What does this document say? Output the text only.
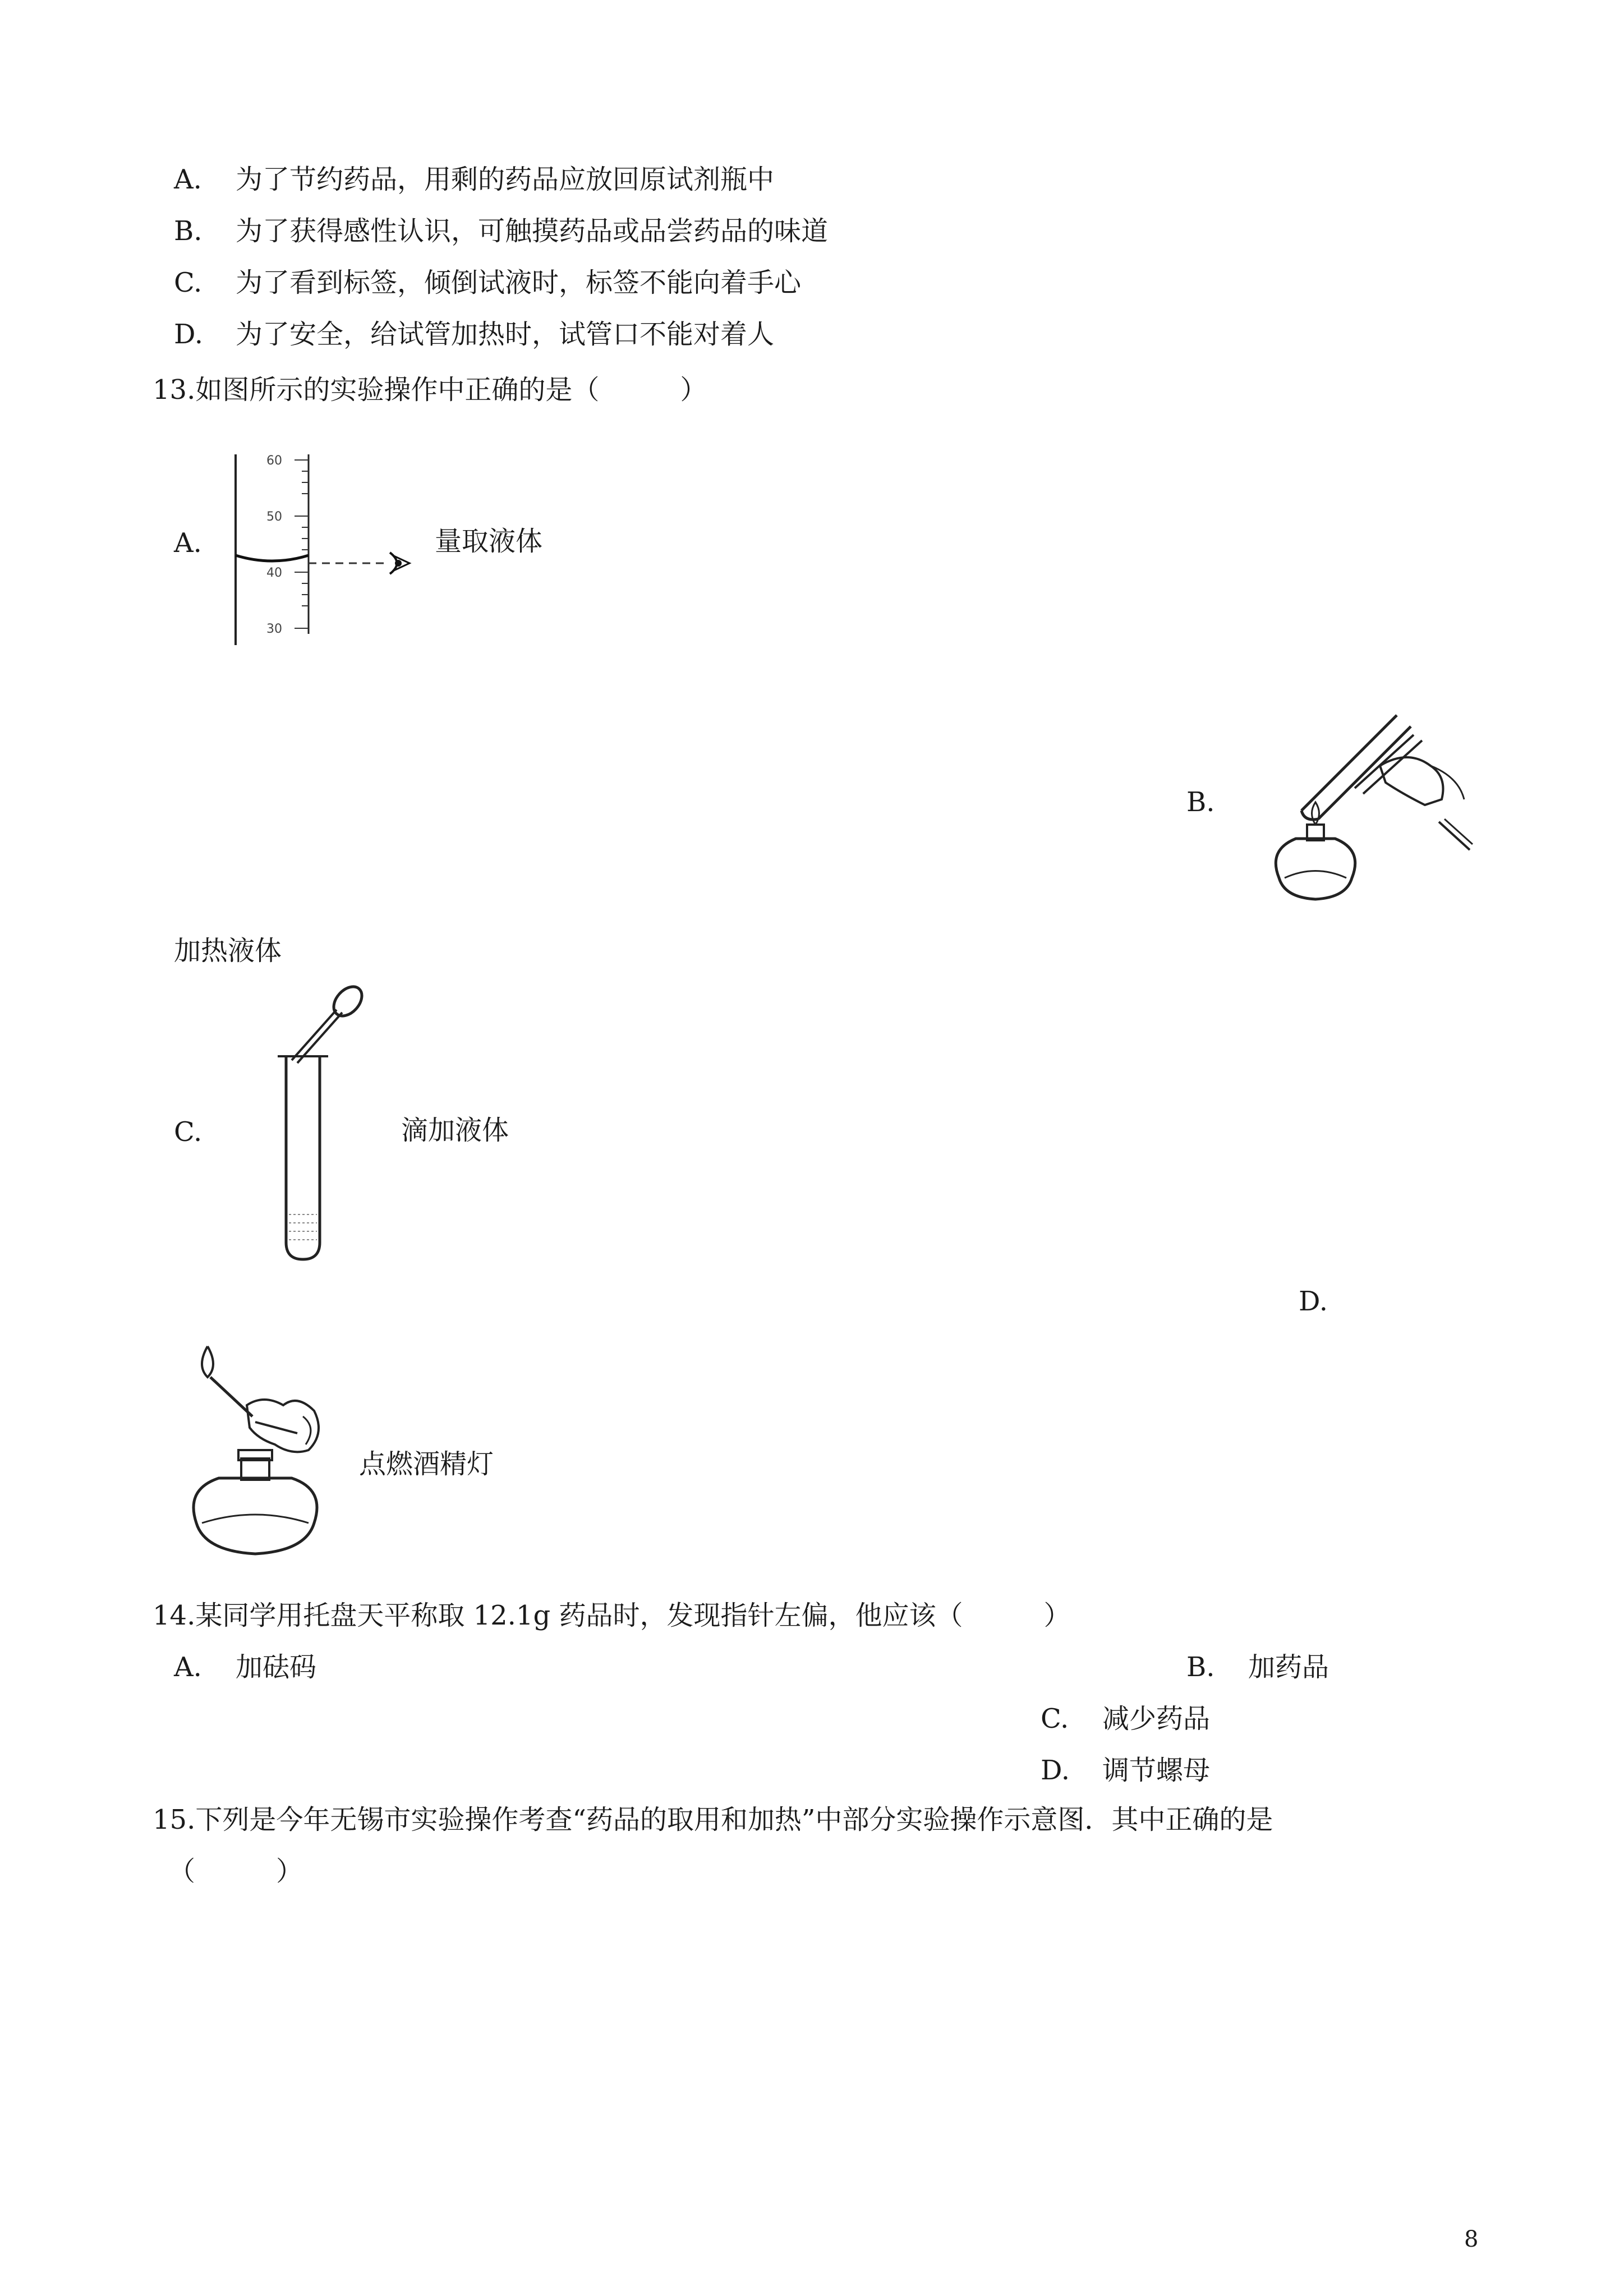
A. 为了节约药品，用剩的药品应放回原试剂瓶中
B. 为了获得感性认识，可触摸药品或品尝药品的味道
C. 为了看到标签，倾倒试液时，标签不能向着手心
D. 为了安全，给试管加热时，试管口不能对着人
13.如图所示的实验操作中正确的是（　　　）
A.
60
50
40
30
量取液体
B.
加热液体
C.	滴加液体
D.
点燃酒精灯
14.某同学用托盘天平称取 12.1g 药品时，发现指针左偏，他应该（　　　）
A. 加砝码	B. 加药品
C. 减少药品
D. 调节螺母
15.下列是今年无锡市实验操作考查“药品的取用和加热”中部分实验操作示意图．其中正确的是
（　　　）
8
